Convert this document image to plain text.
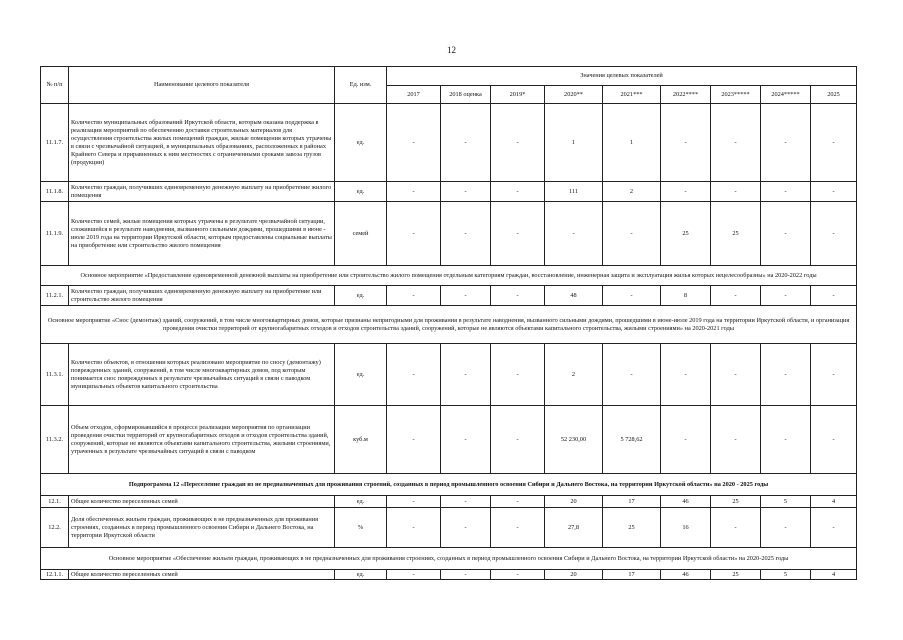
12
№ п/п	Наименование целевого показателя	Ед. изм.	Значения целевых показателей								
			2017	2018 оценка	2019*	2020**	2021***	2022****	2023*****	2024*****	2025
11.1.7.	Количество муниципальных образований Иркутской области, которым оказана поддержка в реализации мероприятий по обеспечению доставки строительных материалов для осуществления строительства жилых помещений граждан, жилые помещения которых утрачены в связи с чрезвычайной ситуацией, в муниципальных образованиях, расположенных в районах Крайнего Севера и приравненных к ним местностях с ограниченными сроками завоза грузов (продукции)	ед.	-	-	-	1	1	-	-	-	-
11.1.8.	Количество граждан, получивших единовременную денежную выплату на приобретение жилого помещения	ед.	-	-	-	111	2	-	-	-	-
11.1.9.	Количество семей, жилые помещения которых утрачены в результате чрезвычайной ситуации, сложившейся в результате наводнения, вызванного сильными дождями, прошедшими в июне - июле 2019 года на территории Иркутской области, которым предоставлены социальные выплаты на приобретение или строительство жилого помещения	семей	-	-	-	-	-	25	25	-	-
Основное мероприятие «Предоставление единовременной денежной выплаты на приобретение или строительство жилого помещения отдельным категориям граждан, восстановление, инженерная защита и эксплуатация жилья которых нецелесообразны» на 2020-2022 годы											
11.2.1.	Количество граждан, получивших единовременную денежную выплату на приобретение или строительство жилого помещения	ед.	-	-	-	48	-	8	-	-	-
Основное мероприятие «Снос (демонтаж) зданий, сооружений, в том числе многоквартирных домов, которые признаны непригодными для проживания в результате наводнения, вызванного сильными дождями, прошедшими в июне-июле 2019 года на территории Иркутской области, и организация проведения очистки территорий от крупногабаритных отходов и отходов строительства зданий, сооружений, которые не являются объектами капитального строительства, жилыми строениями» на 2020-2021 годы											
11.3.1.	Количество объектов, в отношении которых реализовано мероприятие по сносу (демонтажу) поврежденных зданий, сооружений, в том числе многоквартирных домов, под которым понимается снос поврежденных в результате чрезвычайных ситуаций в связи с паводком муниципальных объектов капитального строительства	ед.	-	-	-	2	-	-	-	-	-
11.3.2.	Объем отходов, сформировавшийся в процессе реализации мероприятия по организации проведения очистки территорий от крупногабаритных отходов и отходов строительства зданий, сооружений, которые не являются объектами капитального строительства, жилыми строениями, утраченных в результате чрезвычайных ситуаций в связи с паводком	куб.м	-	-	-	52 230,00	5 728,62	-	-	-	-
Подпрограмма 12 «Переселение граждан из не предназначенных для проживания строений, созданных в период промышленного освоения Сибири и Дальнего Востока, на территории Иркутской области» на 2020 - 2025 годы											
12.1.	Общее количество переселенных семей	ед.	-	-	-	20	17	46	25	5	4
12.2.	Доля обеспеченных жильем граждан, проживающих в не предназначенных для проживания строениях, созданных в период промышленного освоения Сибири и Дальнего Востока, на территории Иркутской области	%	-	-	-	27,8	25	16	-	-	-
Основное мероприятие «Обеспечение жильем граждан, проживающих в не предназначенных для проживания строениях, созданных в период промышленного освоения Сибири и Дальнего Востока, на территории Иркутской области» на 2020-2025 годы											
12.1.1.	Общее количество переселенных семей	ед.	-	-	-	20	17	46	25	5	4
